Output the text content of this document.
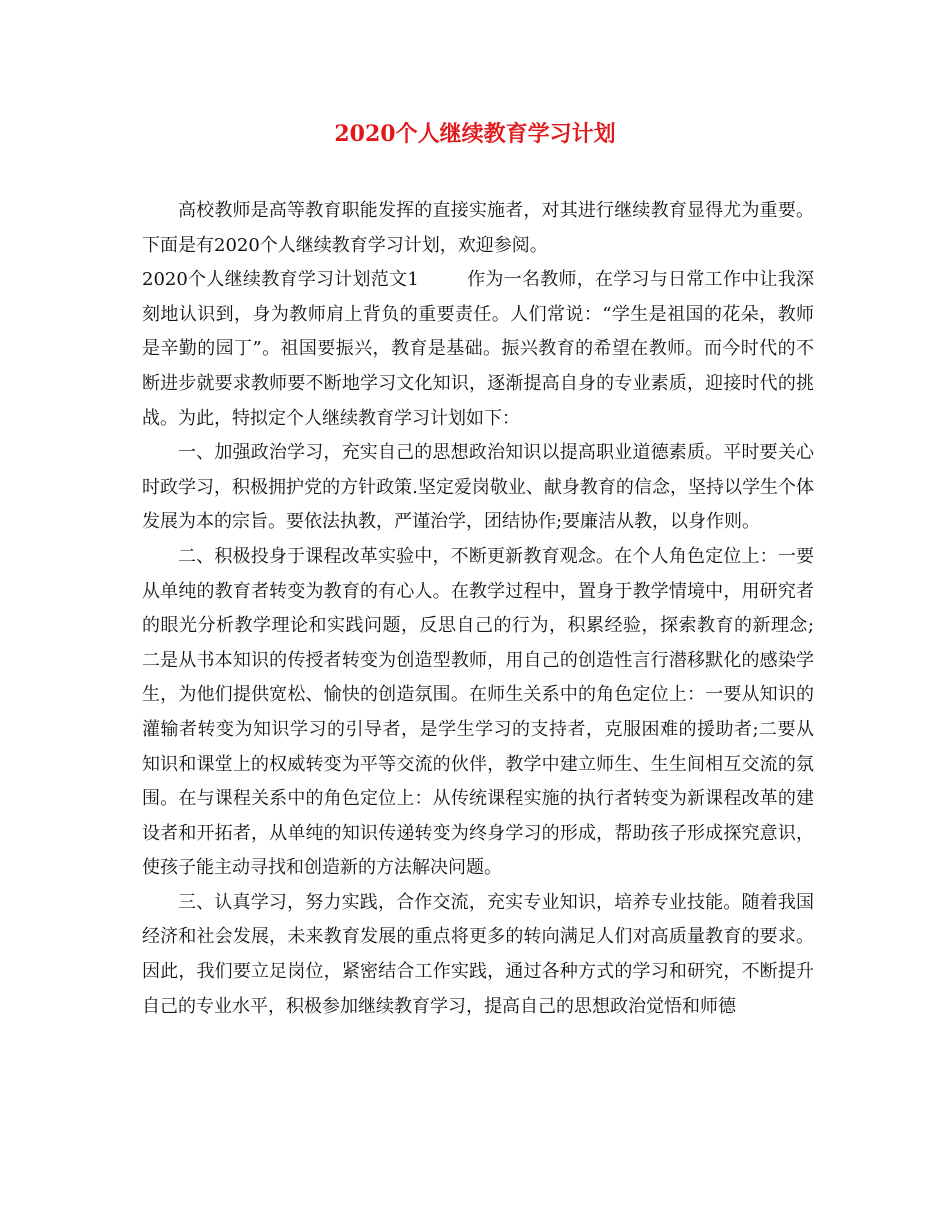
2020个人继续教育学习计划

高校教师是高等教育职能发挥的直接实施者，对其进行继续教育显得尤为重要。下面是有2020个人继续教育学习计划，欢迎参阅。

2020个人继续教育学习计划范文1	作为一名教师，在学习与日常工作中让我深刻地认识到，身为教师肩上背负的重要责任。人们常说：“学生是祖国的花朵，教师是辛勤的园丁”。祖国要振兴，教育是基础。振兴教育的希望在教师。而今时代的不断进步就要求教师要不断地学习文化知识，逐渐提高自身的专业素质，迎接时代的挑战。为此，特拟定个人继续教育学习计划如下：

一、加强政治学习，充实自己的思想政治知识以提高职业道德素质。平时要关心时政学习，积极拥护党的方针政策.坚定爱岗敬业、献身教育的信念，坚持以学生个体发展为本的宗旨。要依法执教，严谨治学，团结协作;要廉洁从教，以身作则。

二、积极投身于课程改革实验中，不断更新教育观念。在个人角色定位上：一要从单纯的教育者转变为教育的有心人。在教学过程中，置身于教学情境中，用研究者的眼光分析教学理论和实践问题，反思自己的行为，积累经验，探索教育的新理念;二是从书本知识的传授者转变为创造型教师，用自己的创造性言行潜移默化的感染学生，为他们提供宽松、愉快的创造氛围。在师生关系中的角色定位上：一要从知识的灌输者转变为知识学习的引导者，是学生学习的支持者，克服困难的援助者;二要从知识和课堂上的权威转变为平等交流的伙伴，教学中建立师生、生生间相互交流的氛围。在与课程关系中的角色定位上：从传统课程实施的执行者转变为新课程改革的建设者和开拓者，从单纯的知识传递转变为终身学习的形成，帮助孩子形成探究意识，使孩子能主动寻找和创造新的方法解决问题。

三、认真学习，努力实践，合作交流，充实专业知识，培养专业技能。随着我国经济和社会发展，未来教育发展的重点将更多的转向满足人们对高质量教育的要求。因此，我们要立足岗位，紧密结合工作实践，通过各种方式的学习和研究，不断提升自己的专业水平，积极参加继续教育学习，提高自己的思想政治觉悟和师德
